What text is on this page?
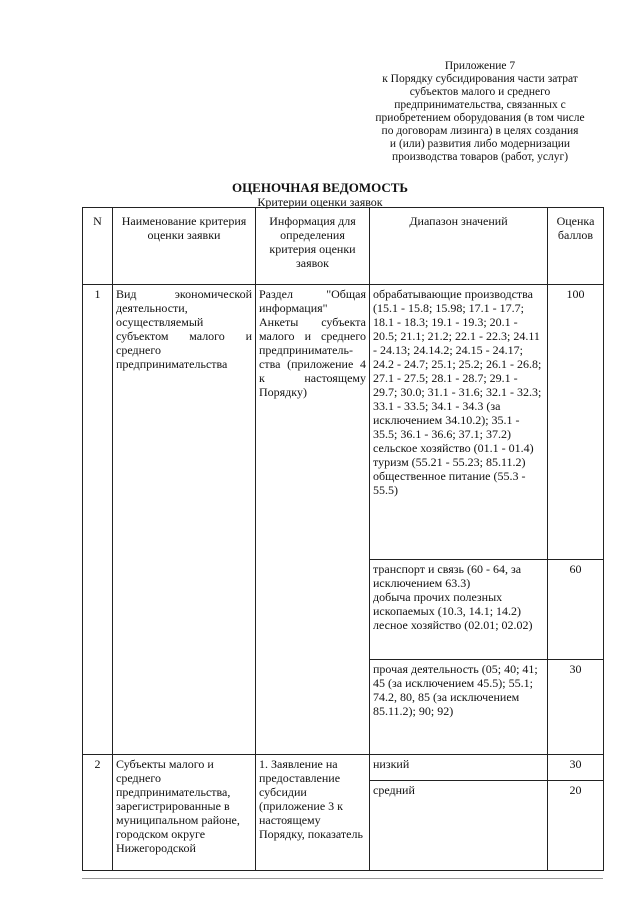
Приложение 7
к Порядку субсидирования части затрат
субъектов малого и среднего
предпринимательства, связанных с
приобретением оборудования (в том числе
по договорам лизинга) в целях создания
и (или) развития либо модернизации
производства товаров (работ, услуг)
ОЦЕНОЧНАЯ ВЕДОМОСТЬ
Критерии оценки заявок
N	Наименование критерия оценки заявки	Информация для определения критерия оценки заявок	Диапазон значений	Оценка баллов
1	Вид экономической деятельности, осуществляемый субъектом малого и среднего предпринимательства	Раздел "Общая информация" Анкеты субъекта малого и среднего предприниматель- ства (приложение 4 к настоящему Порядку)	обрабатывающие производства (15.1 - 15.8; 15.98; 17.1 - 17.7; 18.1 - 18.3; 19.1 - 19.3; 20.1 - 20.5; 21.1; 21.2; 22.1 - 22.3; 24.11 - 24.13; 24.14.2; 24.15 - 24.17; 24.2 - 24.7; 25.1; 25.2; 26.1 - 26.8; 27.1 - 27.5; 28.1 - 28.7; 29.1 - 29.7; 30.0; 31.1 - 31.6; 32.1 - 32.3; 33.1 - 33.5; 34.1 - 34.3 (за исключением 34.10.2); 35.1 - 35.5; 36.1 - 36.6; 37.1; 37.2)
сельское хозяйство (01.1 - 01.4)
туризм (55.21 - 55.23; 85.11.2)
общественное питание (55.3 - 55.5)	100

			транспорт и связь (60 - 64, за исключением 63.3)
добыча прочих полезных ископаемых (10.3, 14.1; 14.2)
лесное хозяйство (02.01; 02.02)	60

			прочая деятельность (05; 40; 41; 45 (за исключением 45.5); 55.1; 74.2, 80, 85 (за исключением 85.11.2); 90; 92)	30
2	Субъекты малого и среднего предпринимательства, зарегистрированные в муниципальном районе, городском округе Нижегородской	1. Заявление на предоставление субсидии (приложение 3 к настоящему Порядку, показатель	низкий	30
			средний	20
